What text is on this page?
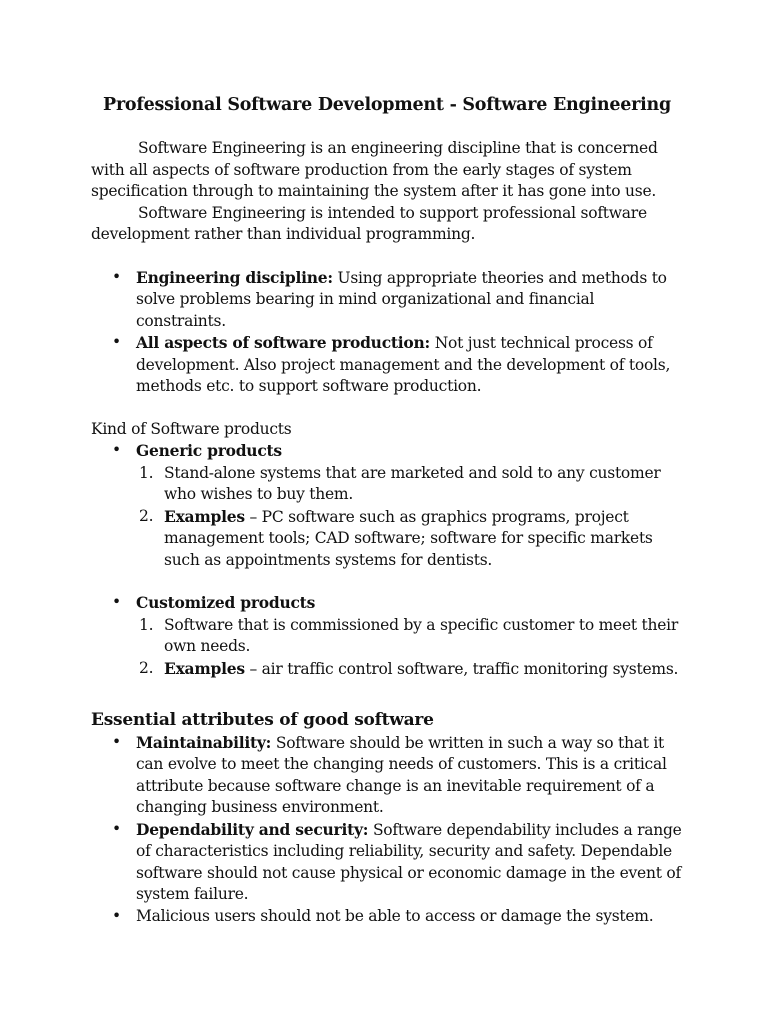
Professional Software Development - Software Engineering

Software Engineering is an engineering discipline that is concerned with all aspects of software production from the early stages of system specification through to maintaining the system after it has gone into use.

Software Engineering is intended to support professional software development rather than individual programming.

• Engineering discipline: Using appropriate theories and methods to solve problems bearing in mind organizational and financial constraints.
• All aspects of software production: Not just technical process of development. Also project management and the development of tools, methods etc. to support software production.

Kind of Software products

• Generic products
1. Stand-alone systems that are marketed and sold to any customer who wishes to buy them.
2. Examples – PC software such as graphics programs, project management tools; CAD software; software for specific markets such as appointments systems for dentists.
• Customized products
1. Software that is commissioned by a specific customer to meet their own needs.
2. Examples – air traffic control software, traffic monitoring systems.

Essential attributes of good software

• Maintainability: Software should be written in such a way so that it can evolve to meet the changing needs of customers. This is a critical attribute because software change is an inevitable requirement of a changing business environment.
• Dependability and security: Software dependability includes a range of characteristics including reliability, security and safety. Dependable software should not cause physical or economic damage in the event of system failure.
• Malicious users should not be able to access or damage the system.
